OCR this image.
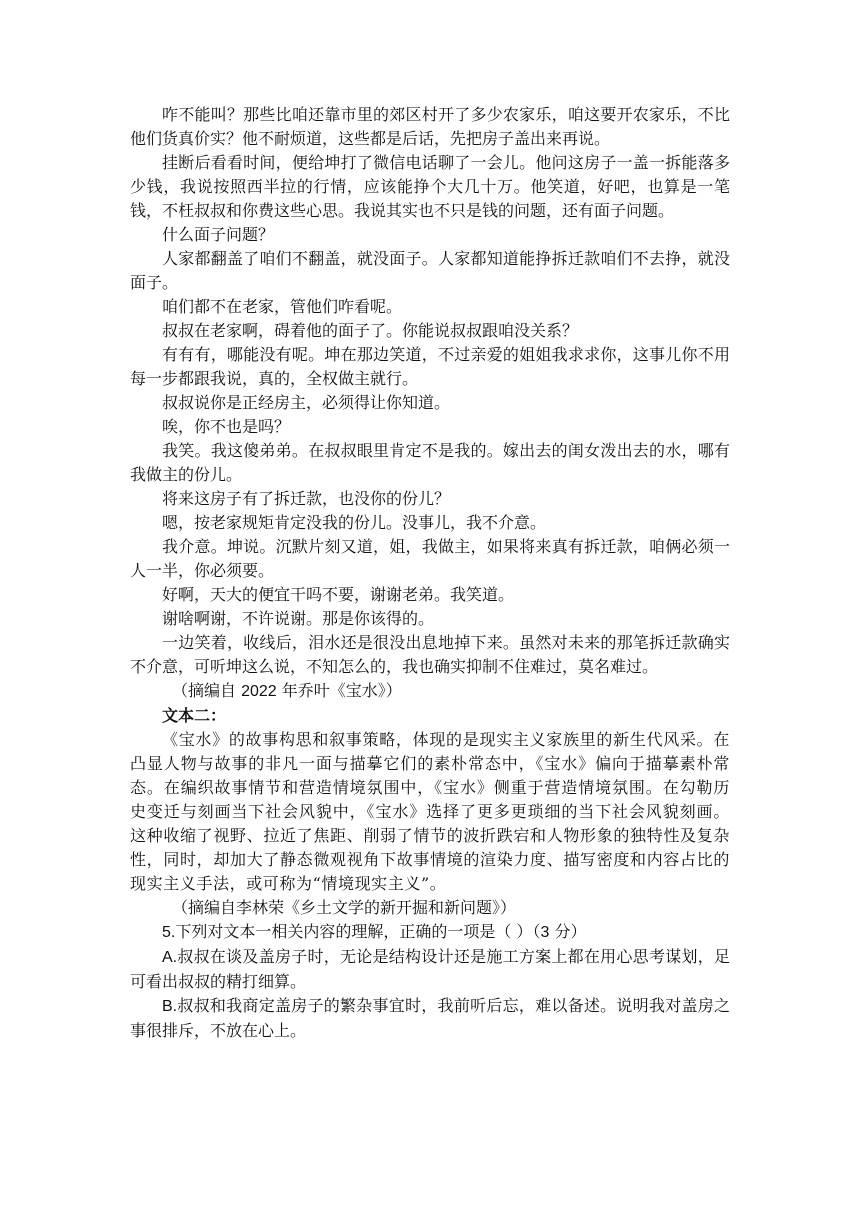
咋不能叫？那些比咱还靠市里的郊区村开了多少农家乐，咱这要开农家乐，不比他们货真价实？他不耐烦道，这些都是后话，先把房子盖出来再说。

挂断后看看时间，便给坤打了微信电话聊了一会儿。他问这房子一盖一拆能落多少钱，我说按照西半拉的行情，应该能挣个大几十万。他笑道，好吧，也算是一笔钱，不枉叔叔和你费这些心思。我说其实也不只是钱的问题，还有面子问题。

什么面子问题？

人家都翻盖了咱们不翻盖，就没面子。人家都知道能挣拆迁款咱们不去挣，就没面子。

咱们都不在老家，管他们咋看呢。

叔叔在老家啊，碍着他的面子了。你能说叔叔跟咱没关系？

有有有，哪能没有呢。坤在那边笑道，不过亲爱的姐姐我求求你，这事儿你不用每一步都跟我说，真的，全权做主就行。

叔叔说你是正经房主，必须得让你知道。

唉，你不也是吗？

我笑。我这傻弟弟。在叔叔眼里肯定不是我的。嫁出去的闺女泼出去的水，哪有我做主的份儿。

将来这房子有了拆迁款，也没你的份儿？

嗯，按老家规矩肯定没我的份儿。没事儿，我不介意。

我介意。坤说。沉默片刻又道，姐，我做主，如果将来真有拆迁款，咱俩必须一人一半，你必须要。

好啊，天大的便宜干吗不要，谢谢老弟。我笑道。

谢啥啊谢，不许说谢。那是你该得的。

一边笑着，收线后，泪水还是很没出息地掉下来。虽然对未来的那笔拆迁款确实不介意，可听坤这么说，不知怎么的，我也确实抑制不住难过，莫名难过。

（摘编自 2022 年乔叶《宝水》）

文本二：

《宝水》的故事构思和叙事策略，体现的是现实主义家族里的新生代风采。在凸显人物与故事的非凡一面与描摹它们的素朴常态中，《宝水》偏向于描摹素朴常态。在编织故事情节和营造情境氛围中，《宝水》侧重于营造情境氛围。在勾勒历史变迁与刻画当下社会风貌中，《宝水》选择了更多更琐细的当下社会风貌刻画。这种收缩了视野、拉近了焦距、削弱了情节的波折跌宕和人物形象的独特性及复杂性，同时，却加大了静态微观视角下故事情境的渲染力度、描写密度和内容占比的现实主义手法，或可称为“情境现实主义”。

（摘编自李林荣《乡土文学的新开掘和新问题》）

5.下列对文本一相关内容的理解，正确的一项是（ ）（3 分）

A.叔叔在谈及盖房子时，无论是结构设计还是施工方案上都在用心思考谋划，足可看出叔叔的精打细算。

B.叔叔和我商定盖房子的繁杂事宜时，我前听后忘，难以备述。说明我对盖房之事很排斥，不放在心上。
